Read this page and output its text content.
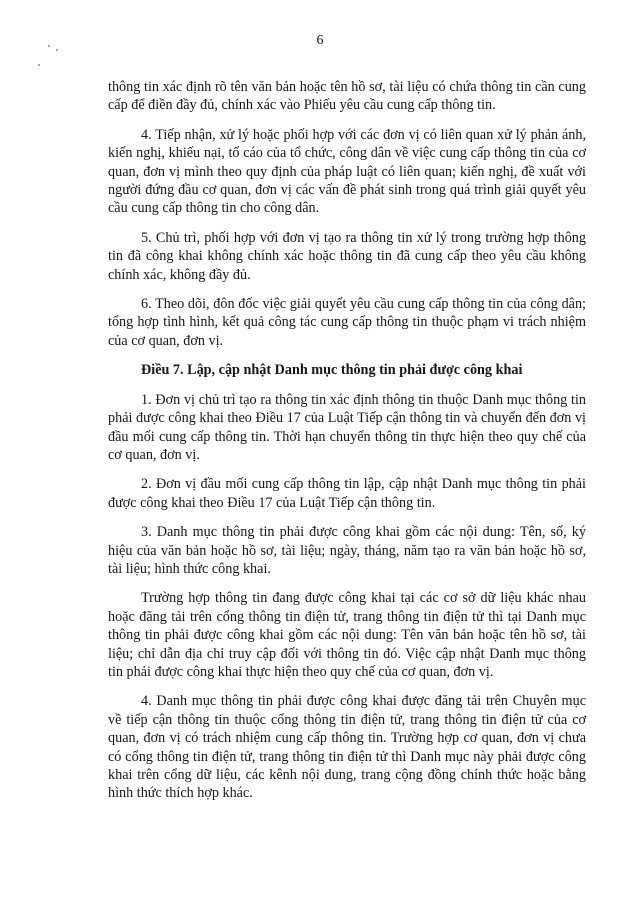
6

thông tin xác định rõ tên văn bản hoặc tên hồ sơ, tài liệu có chứa thông tin cần cung cấp để điền đầy đủ, chính xác vào Phiếu yêu cầu cung cấp thông tin.

4. Tiếp nhận, xử lý hoặc phối hợp với các đơn vị có liên quan xử lý phản ánh, kiến nghị, khiếu nại, tố cáo của tổ chức, công dân về việc cung cấp thông tin của cơ quan, đơn vị mình theo quy định của pháp luật có liên quan; kiến nghị, đề xuất với người đứng đầu cơ quan, đơn vị các vấn đề phát sinh trong quá trình giải quyết yêu cầu cung cấp thông tin cho công dân.

5. Chủ trì, phối hợp với đơn vị tạo ra thông tin xử lý trong trường hợp thông tin đã công khai không chính xác hoặc thông tin đã cung cấp theo yêu cầu không chính xác, không đầy đủ.

6. Theo dõi, đôn đốc việc giải quyết yêu cầu cung cấp thông tin của công dân; tổng hợp tình hình, kết quả công tác cung cấp thông tin thuộc phạm vi trách nhiệm của cơ quan, đơn vị.

Điều 7. Lập, cập nhật Danh mục thông tin phải được công khai

1. Đơn vị chủ trì tạo ra thông tin xác định thông tin thuộc Danh mục thông tin phải được công khai theo Điều 17 của Luật Tiếp cận thông tin và chuyển đến đơn vị đầu mối cung cấp thông tin. Thời hạn chuyển thông tin thực hiện theo quy chế của cơ quan, đơn vị.

2. Đơn vị đầu mối cung cấp thông tin lập, cập nhật Danh mục thông tin phải được công khai theo Điều 17 của Luật Tiếp cận thông tin.

3. Danh mục thông tin phải được công khai gồm các nội dung: Tên, số, ký hiệu của văn bản hoặc hồ sơ, tài liệu; ngày, tháng, năm tạo ra văn bản hoặc hồ sơ, tài liệu; hình thức công khai.

Trường hợp thông tin đang được công khai tại các cơ sở dữ liệu khác nhau hoặc đăng tải trên cổng thông tin điện tử, trang thông tin điện tử thì tại Danh mục thông tin phải được công khai gồm các nội dung: Tên văn bản hoặc tên hồ sơ, tài liệu; chỉ dẫn địa chỉ truy cập đối với thông tin đó. Việc cập nhật Danh mục thông tin phải được công khai thực hiện theo quy chế của cơ quan, đơn vị.

4. Danh mục thông tin phải được công khai được đăng tải trên Chuyên mục về tiếp cận thông tin thuộc cổng thông tin điện tử, trang thông tin điện tử của cơ quan, đơn vị có trách nhiệm cung cấp thông tin. Trường hợp cơ quan, đơn vị chưa có cổng thông tin điện tử, trang thông tin điện tử thì Danh mục này phải được công khai trên cổng dữ liệu, các kênh nội dung, trang cộng đồng chính thức hoặc bằng hình thức thích hợp khác.
